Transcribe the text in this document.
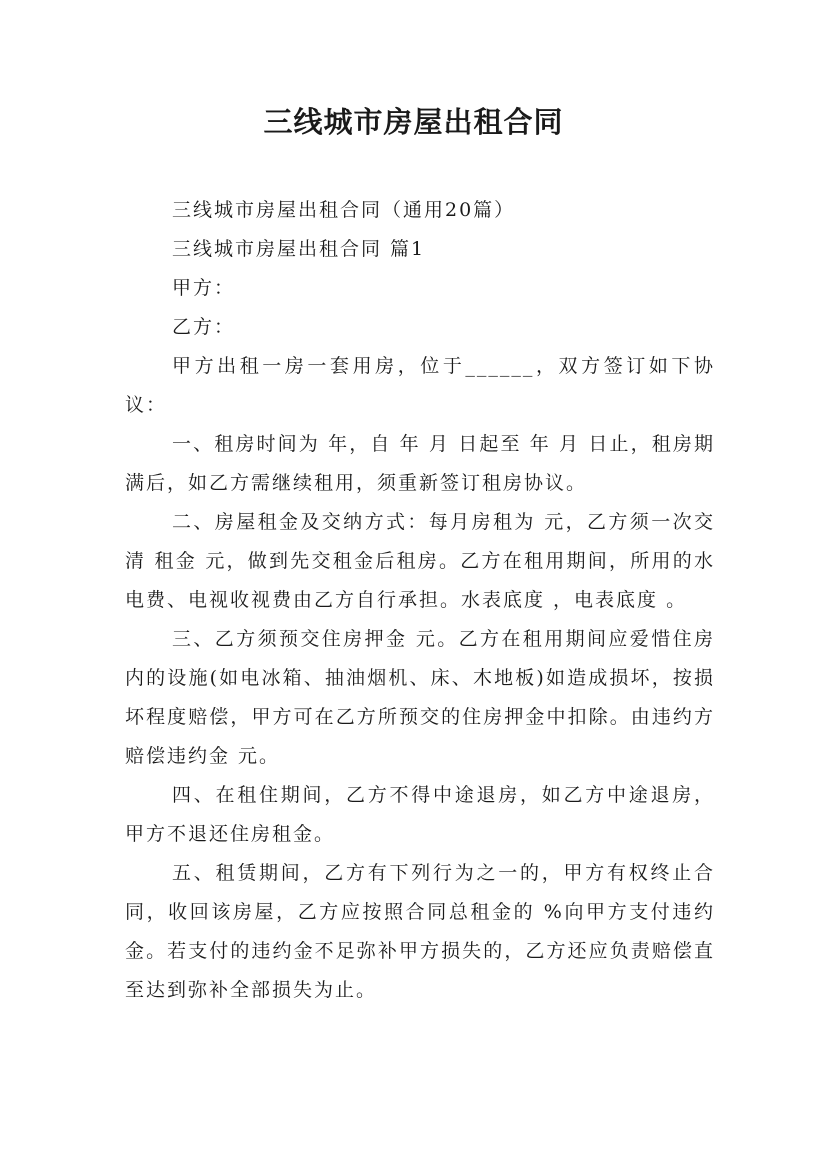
三线城市房屋出租合同

三线城市房屋出租合同（通用20篇）

三线城市房屋出租合同 篇1

甲方：

乙方：

甲方出租一房一套用房，位于______，双方签订如下协议：

一、租房时间为 年，自 年 月 日起至 年 月 日止，租房期满后，如乙方需继续租用，须重新签订租房协议。

二、房屋租金及交纳方式：每月房租为 元，乙方须一次交清 租金 元，做到先交租金后租房。乙方在租用期间，所用的水电费、电视收视费由乙方自行承担。水表底度 ，电表底度 。

三、乙方须预交住房押金 元。乙方在租用期间应爱惜住房内的设施(如电冰箱、抽油烟机、床、木地板)如造成损坏，按损坏程度赔偿，甲方可在乙方所预交的住房押金中扣除。由违约方赔偿违约金 元。

四、在租住期间，乙方不得中途退房，如乙方中途退房，甲方不退还住房租金。

五、租赁期间，乙方有下列行为之一的，甲方有权终止合同，收回该房屋，乙方应按照合同总租金的 %向甲方支付违约金。若支付的违约金不足弥补甲方损失的，乙方还应负责赔偿直至达到弥补全部损失为止。
